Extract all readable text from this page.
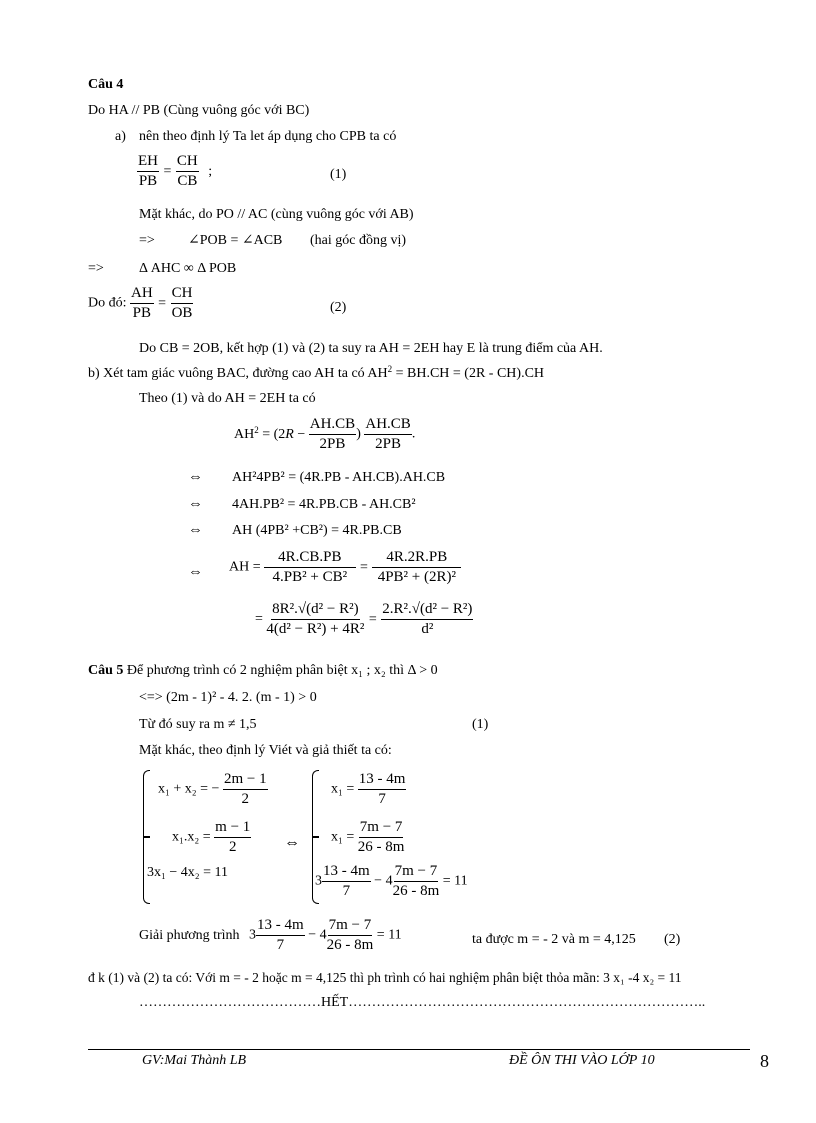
Câu 4
Do HA // PB (Cùng vuông góc với BC)
a) nên theo định lý Ta let áp dụng cho CPB ta có
$\frac{EH}{PB} = \frac{CH}{CB}$ ;	(1)
Mặt khác, do PO // AC (cùng vuông góc với AB)
=> ∠POB = ∠ACB (hai góc đồng vị)
=>	Δ AHC ∞ Δ POB
Do đó: $\frac{AH}{PB} = \frac{CH}{OB}$	(2)
Do CB = 2OB, kết hợp (1) và (2) ta suy ra AH = 2EH hay E là trung điểm của AH.
b) Xét tam giác vuông BAC, đường cao AH ta có $AH^2 = BH.CH = (2R - CH).CH$
Theo (1) và do AH = 2EH ta có
$AH^2 = (2R - \frac{AH.CB}{2PB}$ ) $\frac{AH.CB}{2PB}$ .
⇔ AH²4PB² = (4R.PB - AH.CB).AH.CB
⇔ 4AH.PB² = 4R.PB.CB - AH.CB²
⇔ AH (4PB² +CB²) = 4R.PB.CB
⇔ AH = $\frac{4R.CB.PB}{\text{4.PB² + CB²}} = \frac{4R.2R.PB}{\text{4PB² + (2R)²}}$
= $\frac{\text{8R².√(d² − R²)}}{\text{4(d² − R²) + 4R²}} = \frac{\text{2.R².√(d² − R²)}}{\text{d²}}$
Câu 5 Để phương trình có 2 nghiệm phân biệt x₁ ; x₂ thì Δ > 0
<=> (2m - 1)² - 4. 2. (m - 1) > 0
Từ đó suy ra m ≠ 1,5	(1)
Mặt khác, theo định lý Viét và giả thiết ta có:
x₁ + x₂ = − $\frac{2m - 1}{2}$
$x_1.x_2 = \frac{m - 1}{2}$
3x₁ − 4x₂ = 11
⇔
$x_1 = \frac{13 - 4m}{7}$
$x_1 = \frac{7m - 7}{26 - 8m}$
$3 \frac{13 - 4m}{7} - 4 \frac{7m - 7}{26 - 8m} = 11$
Giải phương trình $3 \frac{13 - 4m}{7} - 4 \frac{7m - 7}{26 - 8m} = 11$	ta được m = - 2 và m = 4,125 (2)
đ k (1) và (2) ta có: Với m = - 2 hoặc m = 4,125 thì ph trình có hai nghiệm phân biệt thỏa mãn: 3 x₁ -4 x₂ = 11
…………………………………HẾT…………………………………………………………………..
GV:Mai Thành LB	ĐỀ ÔN THI VÀO LỚP 10	8
